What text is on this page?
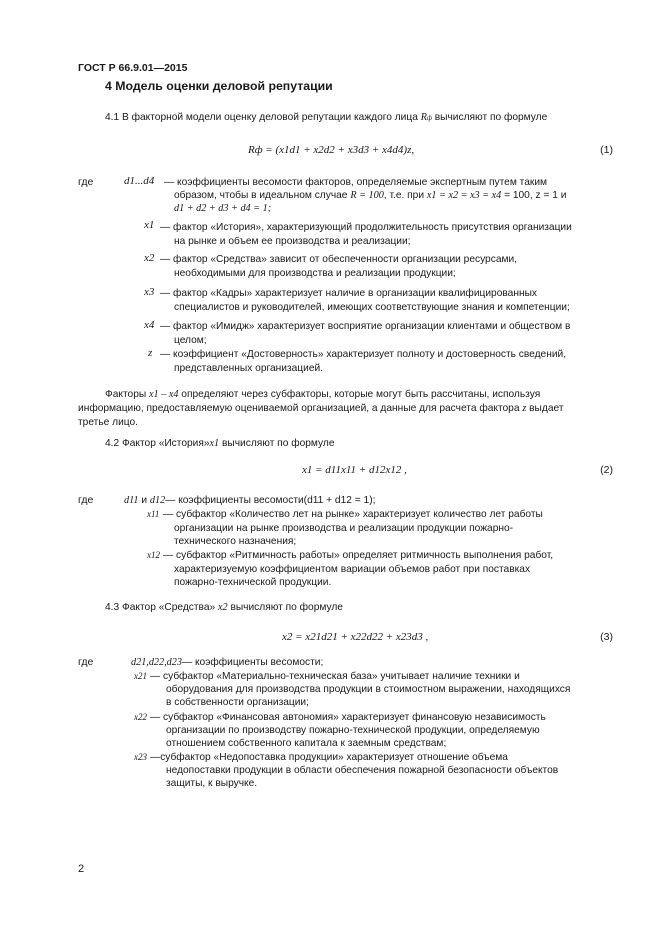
ГОСТ Р 66.9.01—2015
4 Модель оценки деловой репутации
4.1 В факторной модели оценку деловой репутации каждого лица Rф вычисляют по формуле
Rф = (x1d1 + x2d2 + x3d3 + x4d4)z,	(1)
где	d1...d4 — коэффициенты весомости факторов, определяемые экспертным путем таким
образом, чтобы в идеальном случае R = 100, т.е. при x1 = x2 = x3 = x4 = 100, z = 1 и
d1 + d2 + d3 + d4 = 1;
x1 — фактор «История», характеризующий продолжительность присутствия организации
на рынке и объем ее производства и реализации;
x2 — фактор «Средства» зависит от обеспеченности организации ресурсами,
необходимыми для производства и реализации продукции;
x3 — фактор «Кадры» характеризует наличие в организации квалифицированных
специалистов и руководителей, имеющих соответствующие знания и компетенции;
x4 — фактор «Имидж» характеризует восприятие организации клиентами и обществом в
целом;
z — коэффициент «Достоверность» характеризует полноту и достоверность сведений,
представленных организацией.
Факторы x1 – x4 определяют через субфакторы, которые могут быть рассчитаны, используя
информацию, предоставляемую оцениваемой организацией, а данные для расчета фактора z выдает
третье лицо.
4.2 Фактор «История»x1 вычисляют по формуле
x1 = d11x11 + d12x12 ,	(2)
где	d11 и d12— коэффициенты весомости(d11 + d12 = 1);
x11 — субфактор «Количество лет на рынке» характеризует количество лет работы
организации на рынке производства и реализации продукции пожарно-
технического назначения;
x12 — субфактор «Ритмичность работы» определяет ритмичность выполнения работ,
характеризуемую коэффициентом вариации объемов работ при поставках
пожарно-технической продукции.
4.3 Фактор «Средства» x2 вычисляют по формуле
x2 = x21d21 + x22d22 + x23d3 ,	(3)
где	d21,d22,d23— коэффициенты весомости;
x21 — субфактор «Материально-техническая база» учитывает наличие техники и
оборудования для производства продукции в стоимостном выражении, находящихся
в собственности организации;
x22 — субфактор «Финансовая автономия» характеризует финансовую независимость
организации по производству пожарно-технической продукции, определяемую
отношением собственного капитала к заемным средствам;
x23 —субфактор «Недопоставка продукции» характеризует отношение объема
недопоставки продукции в области обеспечения пожарной безопасности объектов
защиты, к выручке.
2
